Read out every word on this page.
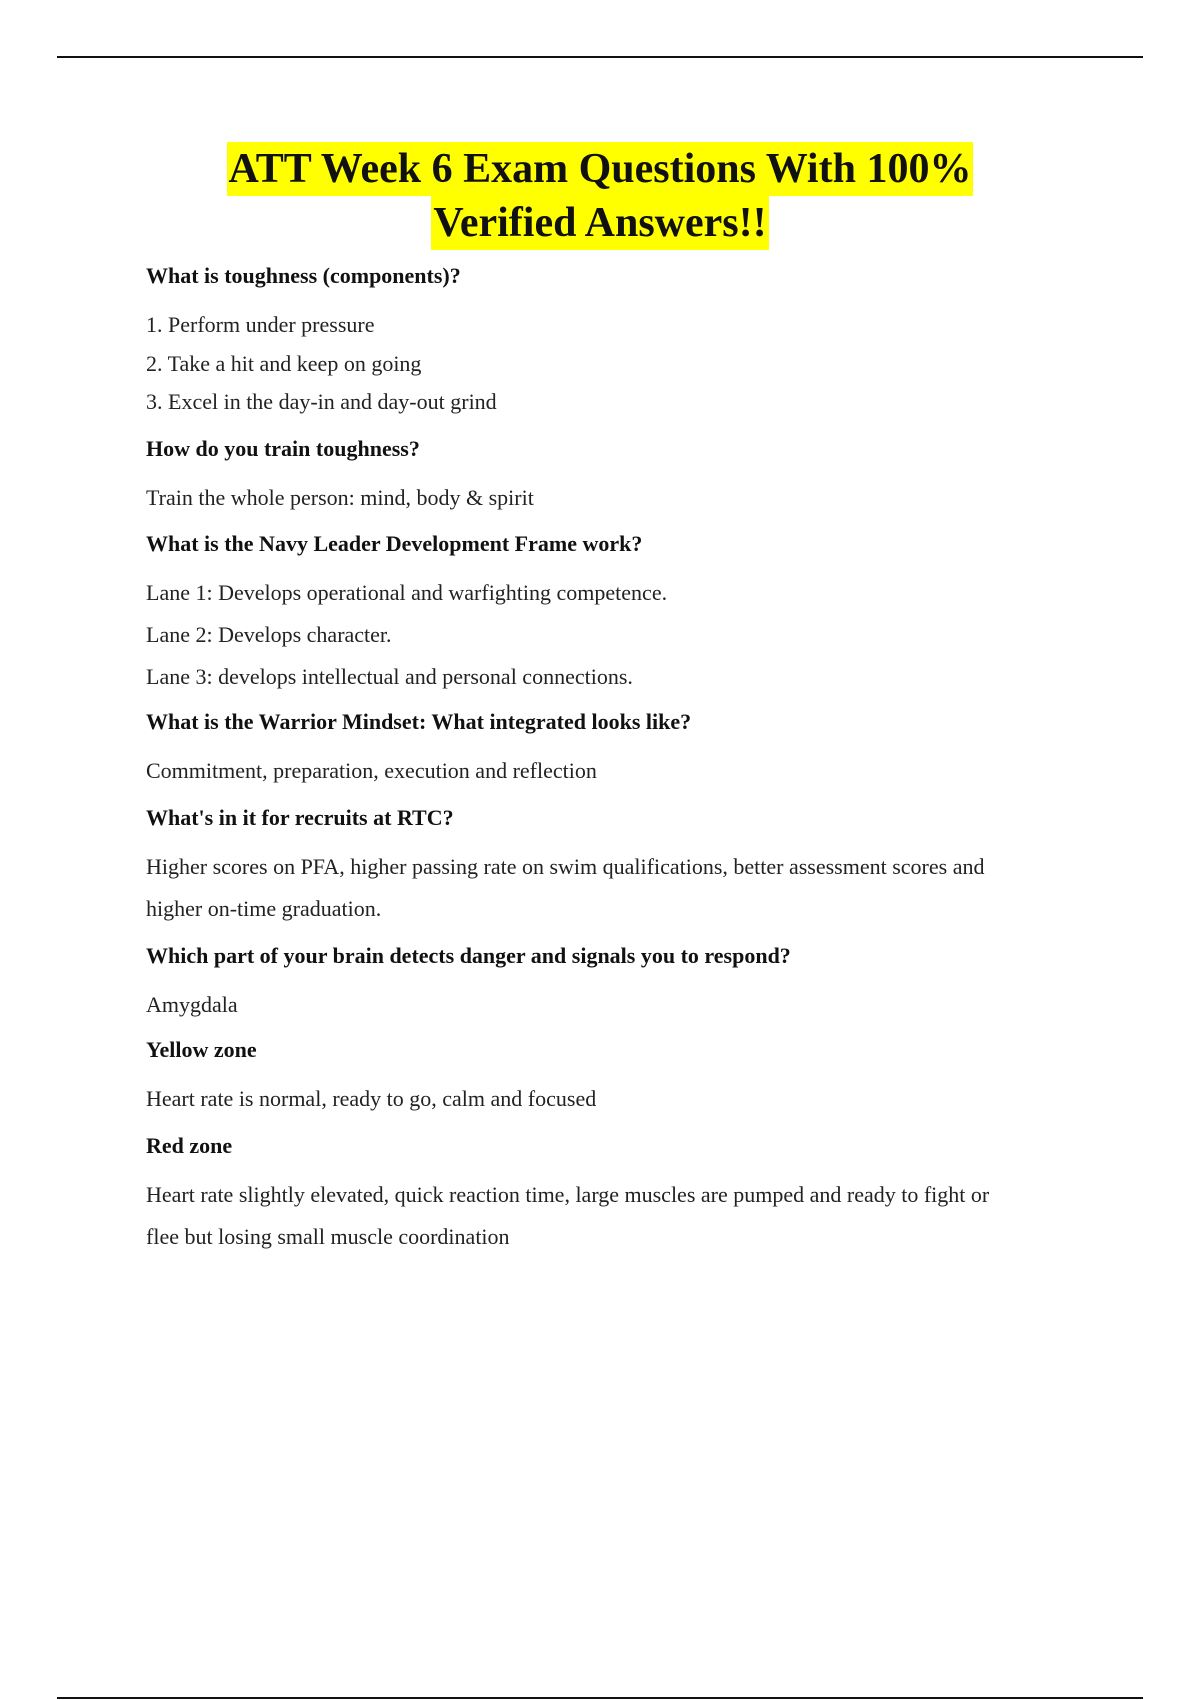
ATT Week 6 Exam Questions With 100%
Verified Answers!!

What is toughness (components)?

1. Perform under pressure

2. Take a hit and keep on going

3. Excel in the day-in and day-out grind

How do you train toughness?

Train the whole person: mind, body & spirit

What is the Navy Leader Development Frame work?

Lane 1: Develops operational and warfighting competence.

Lane 2: Develops character.

Lane 3: develops intellectual and personal connections.

What is the Warrior Mindset: What integrated looks like?

Commitment, preparation, execution and reflection

What's in it for recruits at RTC?

Higher scores on PFA, higher passing rate on swim qualifications, better assessment scores and

higher on-time graduation.

Which part of your brain detects danger and signals you to respond?

Amygdala

Yellow zone

Heart rate is normal, ready to go, calm and focused

Red zone

Heart rate slightly elevated, quick reaction time, large muscles are pumped and ready to fight or

flee but losing small muscle coordination
